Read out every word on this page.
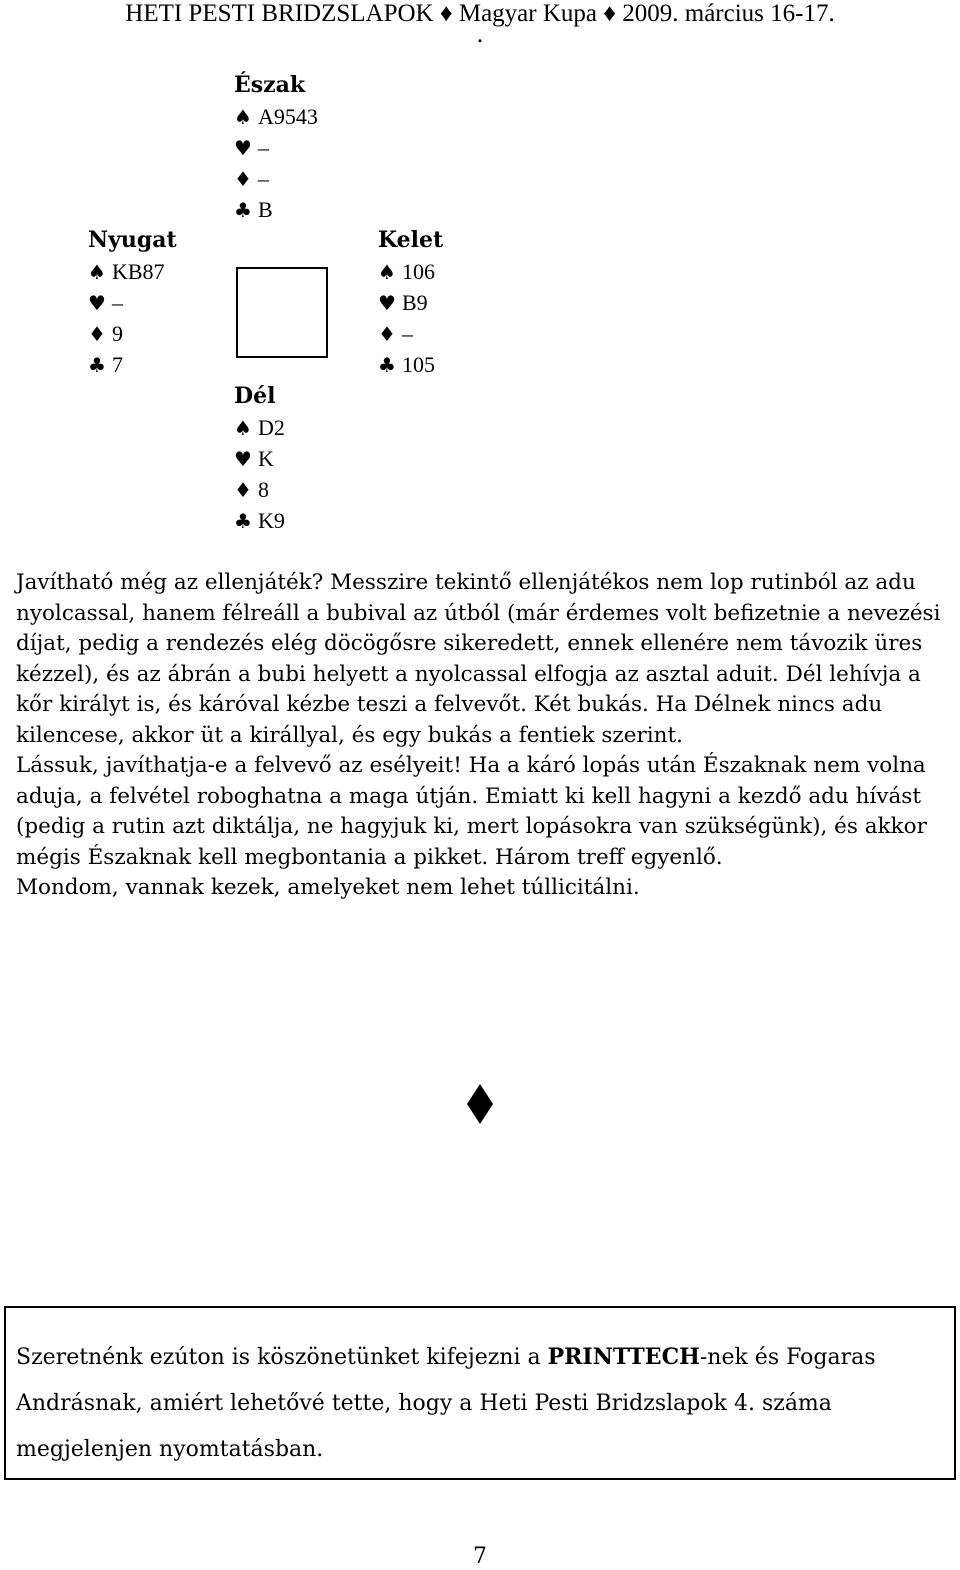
HETI PESTI BRIDZSLAPOK ♦ Magyar Kupa ♦ 2009. március 16-17.
.
Észak
♠ A9543
♥ –
♦ –
♣ B
Nyugat
♠ KB87
♥ –
♦ 9
♣ 7
Kelet
♠ 106
♥ B9
♦ –
♣ 105
Dél
♠ D2
♥ K
♦ 8
♣ K9

Javítható még az ellenjáték? Messzire tekintő ellenjátékos nem lop rutinból az adu nyolcassal, hanem félreáll a bubival az útból (már érdemes volt befizetnie a nevezési díjat, pedig a rendezés elég döcögősre sikeredett, ennek ellenére nem távozik üres kézzel), és az ábrán a bubi helyett a nyolcassal elfogja az asztal aduit. Dél lehívja a kőr királyt is, és káróval kézbe teszi a felvevőt. Két bukás. Ha Délnek nincs adu kilencese, akkor üt a királlyal, és egy bukás a fentiek szerint.

Lássuk, javíthatja-e a felvevő az esélyeit! Ha a káró lopás után Északnak nem volna aduja, a felvétel roboghatna a maga útján. Emiatt ki kell hagyni a kezdő adu hívást (pedig a rutin azt diktálja, ne hagyjuk ki, mert lopásokra van szükségünk), és akkor mégis Északnak kell megbontania a pikket. Három treff egyenlő.

Mondom, vannak kezek, amelyeket nem lehet túllicitálni.

Szeretnénk ezúton is köszönetünket kifejezni a PRINTTECH-nek és Fogaras Andrásnak, amiért lehetővé tette, hogy a Heti Pesti Bridzslapok 4. száma megjelenjen nyomtatásban.
7
